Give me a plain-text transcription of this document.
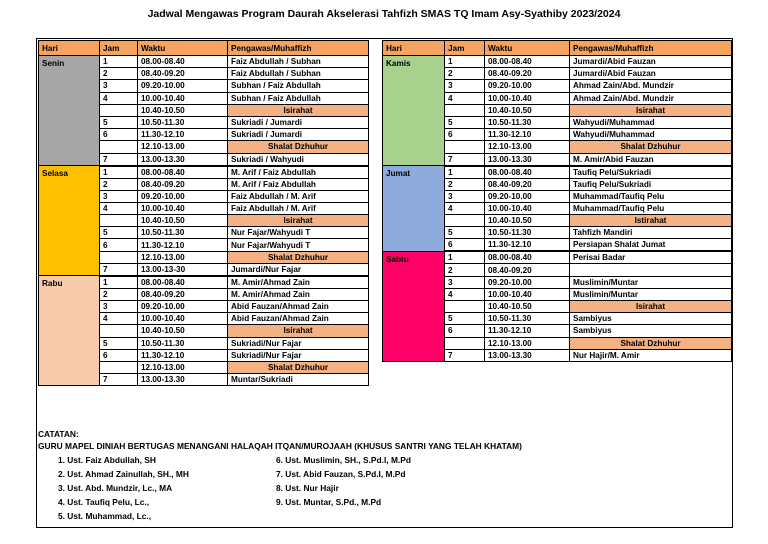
Jadwal Mengawas Program Daurah Akselerasi Tahfizh SMAS TQ Imam Asy-Syathiby 2023/2024
Hari	Jam	Waktu	Pengawas/Muhaffizh
Senin	1	08.00-08.40	Faiz Abdullah / Subhan
	2	08.40-09.20	Faiz Abdullah / Subhan
	3	09.20-10.00	Subhan / Faiz Abdullah
	4	10.00-10.40	Subhan / Faiz Abdullah
		10.40-10.50	Isirahat
	5	10.50-11.30	Sukriadi / Jumardi
	6	11.30-12.10	Sukriadi / Jumardi
		12.10-13.00	Shalat Dzhuhur
	7	13.00-13.30	Sukriadi / Wahyudi
Selasa	1	08.00-08.40	M. Arif / Faiz Abdullah
	2	08.40-09.20	M. Arif / Faiz Abdullah
	3	09.20-10.00	Faiz Abdullah / M. Arif
	4	10.00-10.40	Faiz Abdullah / M. Arif
		10.40-10.50	Isirahat
	5	10.50-11.30	Nur Fajar/Wahyudi T
	6	11.30-12.10	Nur Fajar/Wahyudi T
		12.10-13.00	Shalat Dzhuhur
	7	13.00-13-30	Jumardi/Nur Fajar
Rabu	1	08.00-08.40	M. Amir/Ahmad Zain
	2	08.40-09.20	M. Amir/Ahmad Zain
	3	09.20-10.00	Abid Fauzan/Ahmad Zain
	4	10.00-10.40	Abid Fauzan/Ahmad Zain
		10.40-10.50	Isirahat
	5	10.50-11.30	Sukriadi/Nur Fajar
	6	11.30-12.10	Sukriadi/Nur Fajar
		12.10-13.00	Shalat Dzhuhur
	7	13.00-13.30	Muntar/Sukriadi
Hari	Jam	Waktu	Pengawas/Muhaffizh
Kamis	1	08.00-08.40	Jumardi/Abid Fauzan
	2	08.40-09.20	Jumardi/Abid Fauzan
	3	09.20-10.00	Ahmad Zain/Abd. Mundzir
	4	10.00-10.40	Ahmad Zain/Abd. Mundzir
		10.40-10.50	Isirahat
	5	10.50-11.30	Wahyudi/Muhammad
	6	11.30-12.10	Wahyudi/Muhammad
		12.10-13.00	Shalat Dzhuhur
	7	13.00-13.30	M. Amir/Abid Fauzan
Jumat	1	08.00-08.40	Taufiq Pelu/Sukriadi
	2	08.40-09.20	Taufiq Pelu/Sukriadi
	3	09.20-10.00	Muhammad/Taufiq Pelu
	4	10.00-10.40	Muhammad/Taufiq Pelu
		10.40-10.50	Istirahat
	5	10.50-11.30	Tahfizh Mandiri
	6	11.30-12.10	Persiapan Shalat Jumat
Sabtu	1	08.00-08.40	Perisai Badar
	2	08.40-09.20	
	3	09.20-10.00	Muslimin/Muntar
	4	10.00-10.40	Muslimin/Muntar
		10.40-10.50	Isirahat
	5	10.50-11.30	Sambiyus
	6	11.30-12.10	Sambiyus
		12.10-13.00	Shalat Dzhuhur
	7	13.00-13.30	Nur Hajir/M. Amir
CATATAN:
GURU MAPEL DINIAH BERTUGAS MENANGANI HALAQAH ITQAN/MUROJAAH (KHUSUS SANTRI YANG TELAH KHATAM)
1. Ust. Faiz Abdullah, SH
2. Ust. Ahmad Zainullah, SH., MH
3. Ust. Abd. Mundzir, Lc., MA
4. Ust. Taufiq Pelu, Lc.,
5. Ust. Muhammad, Lc.,
6. Ust. Muslimin, SH., S.Pd.I, M.Pd
7. Ust. Abid Fauzan, S.Pd.I, M.Pd
8. Ust. Nur Hajir
9. Ust. Muntar, S.Pd., M.Pd
